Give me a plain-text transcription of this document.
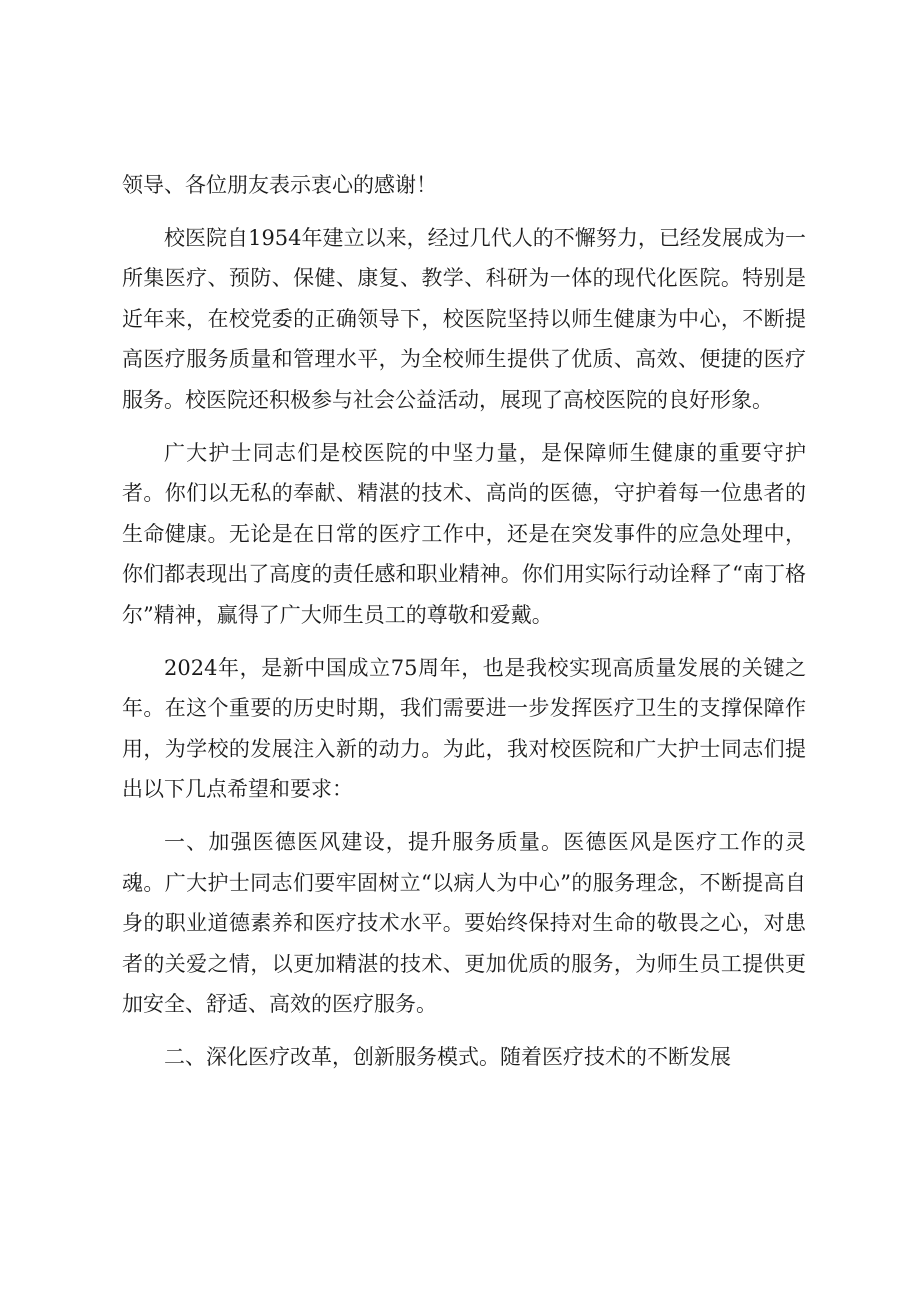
领导、各位朋友表示衷心的感谢！

校医院自1954年建立以来，经过几代人的不懈努力，已经发展成为一所集医疗、预防、保健、康复、教学、科研为一体的现代化医院。特别是近年来，在校党委的正确领导下，校医院坚持以师生健康为中心，不断提高医疗服务质量和管理水平，为全校师生提供了优质、高效、便捷的医疗服务。校医院还积极参与社会公益活动，展现了高校医院的良好形象。

广大护士同志们是校医院的中坚力量，是保障师生健康的重要守护者。你们以无私的奉献、精湛的技术、高尚的医德，守护着每一位患者的生命健康。无论是在日常的医疗工作中，还是在突发事件的应急处理中，你们都表现出了高度的责任感和职业精神。你们用实际行动诠释了“南丁格尔”精神，赢得了广大师生员工的尊敬和爱戴。

2024年，是新中国成立75周年，也是我校实现高质量发展的关键之年。在这个重要的历史时期，我们需要进一步发挥医疗卫生的支撑保障作用，为学校的发展注入新的动力。为此，我对校医院和广大护士同志们提出以下几点希望和要求：

一、加强医德医风建设，提升服务质量。医德医风是医疗工作的灵魂。广大护士同志们要牢固树立“以病人为中心”的服务理念，不断提高自身的职业道德素养和医疗技术水平。要始终保持对生命的敬畏之心，对患者的关爱之情，以更加精湛的技术、更加优质的服务，为师生员工提供更加安全、舒适、高效的医疗服务。

二、深化医疗改革，创新服务模式。随着医疗技术的不断发展
